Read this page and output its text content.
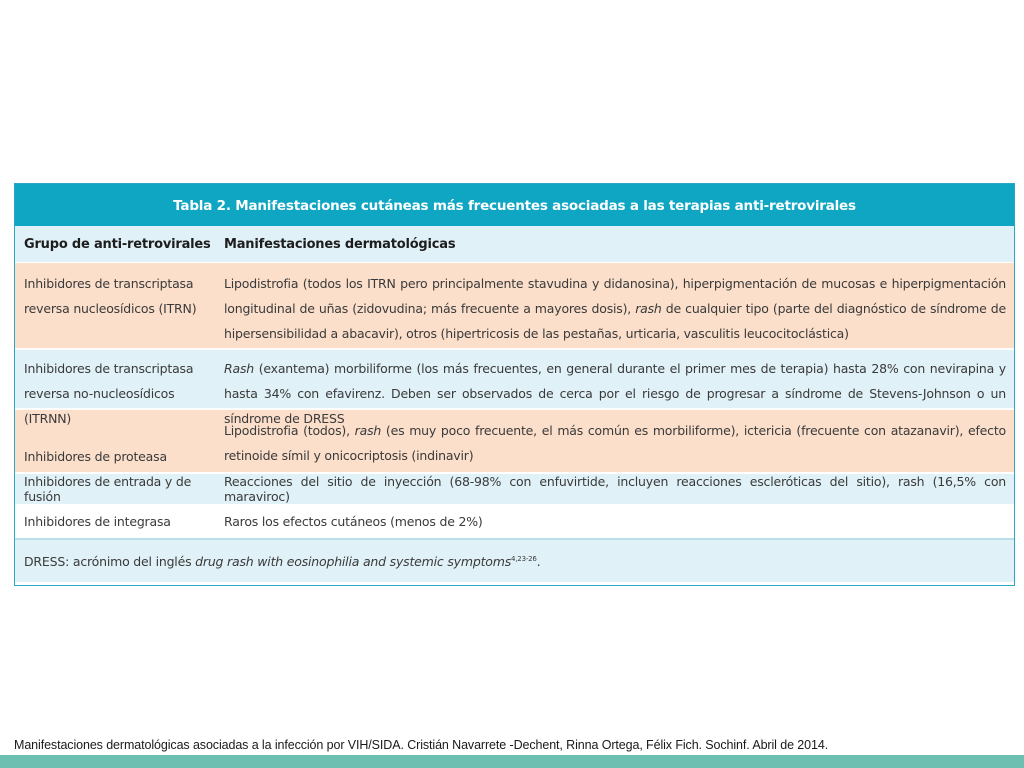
Tabla 2. Manifestaciones cutáneas más frecuentes asociadas a las terapias anti-retrovirales
Grupo de anti-retrovirales	Manifestaciones dermatológicas
Inhibidores de transcriptasa reversa nucleosídicos (ITRN)
Lipodistrofia (todos los ITRN pero principalmente stavudina y didanosina), hiperpigmentación de mucosas e hiperpigmentación longitudinal de uñas (zidovudina; más frecuente a mayores dosis), rash de cualquier tipo (parte del diagnóstico de síndrome de hipersensibilidad a abacavir), otros (hipertricosis de las pestañas, urticaria, vasculitis leucocitoclástica)
Inhibidores de transcriptasa reversa no-nucleosídicos (ITRNN)
Rash (exantema) morbiliforme (los más frecuentes, en general durante el primer mes de terapia) hasta 28% con nevirapina y hasta 34% con efavirenz. Deben ser observados de cerca por el riesgo de progresar a síndrome de Stevens-Johnson o un síndrome de DRESS
Inhibidores de proteasa
Lipodistrofia (todos), rash (es muy poco frecuente, el más común es morbiliforme), ictericia (frecuente con atazanavir), efecto retinoide símil y onicocriptosis (indinavir)
Inhibidores de entrada y de fusión
Reacciones del sitio de inyección (68-98% con enfuvirtide, incluyen reacciones escleróticas del sitio), rash (16,5% con maraviroc)
Inhibidores de integrasa	Raros los efectos cutáneos (menos de 2%)
DRESS: acrónimo del inglés drug rash with eosinophilia and systemic symptoms$^{4,23-26}$.
Manifestaciones dermatológicas asociadas a la infección por VIH/SIDA. Cristián Navarrete -Dechent, Rinna Ortega, Félix Fich. Sochinf. Abril de 2014.
